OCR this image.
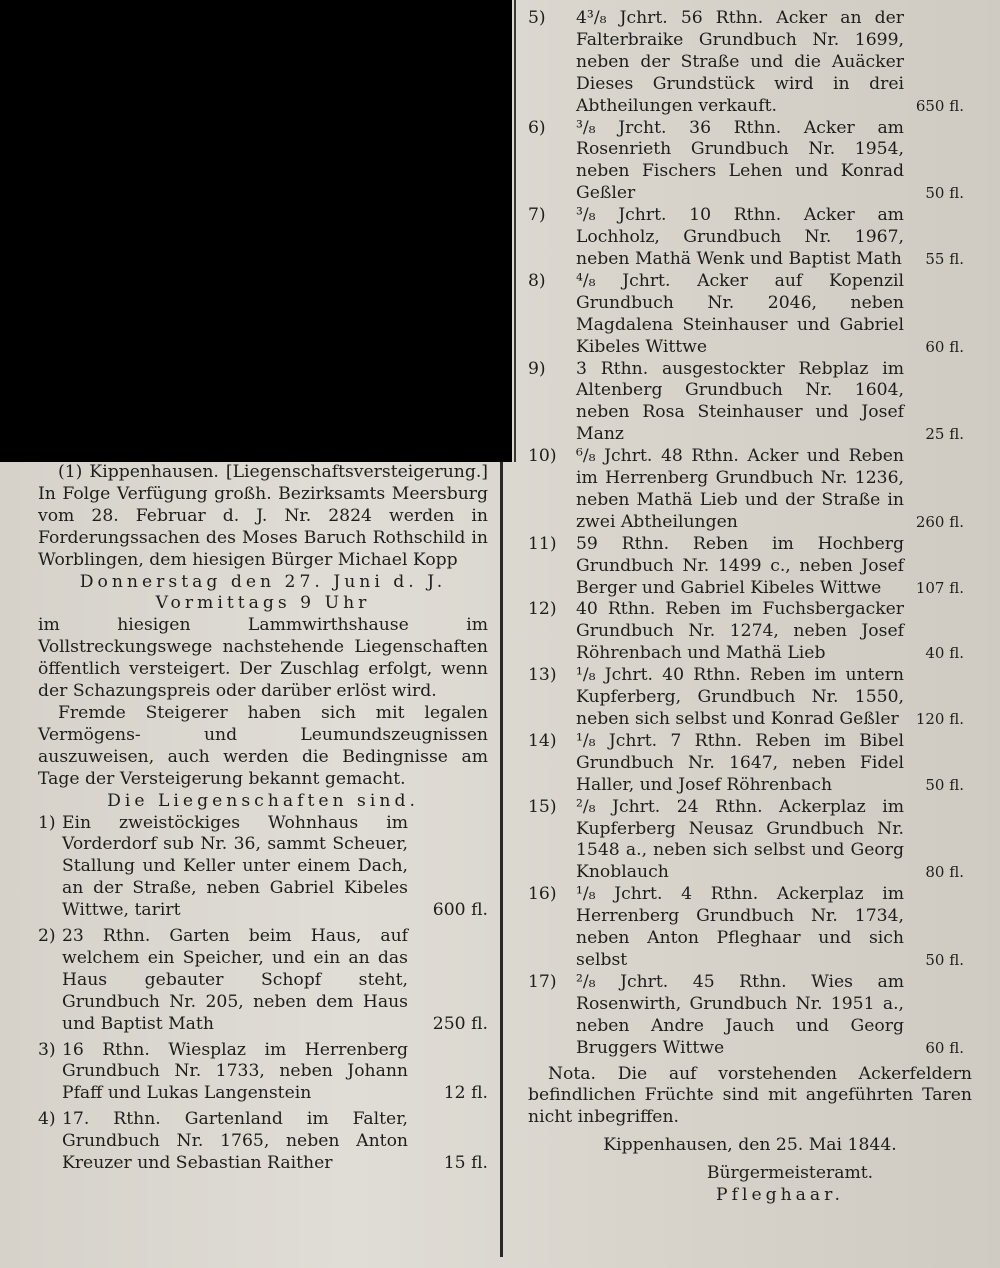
(1) Kippenhausen. [Liegenschaftsversteigerung.] In Folge Verfügung großh. Bezirksamts Meersburg vom 28. Februar d. J. Nr. 2824 werden in Forderungssachen des Moses Baruch Rothschild in Worblingen, dem hiesigen Bürger Michael Kopp

Donnerstag den 27. Juni d. J.

Vormittags 9 Uhr

im hiesigen Lammwirthshause im Vollstreckungswege nachstehende Liegenschaften öffentlich versteigert. Der Zuschlag erfolgt, wenn der Schazungspreis oder darüber erlöst wird.

Fremde Steigerer haben sich mit legalen Vermögens- und Leumundszeugnissen auszuweisen, auch werden die Bedingnisse am Tage der Versteigerung bekannt gemacht.

Die Liegenschaften sind.

1) Ein zweistöckiges Wohnhaus im Vorderdorf sub Nr. 36, sammt Scheuer, Stallung und Keller unter einem Dach, an der Straße, neben Gabriel Kibeles Wittwe, tarirt	600 fl.
2) 23 Rthn. Garten beim Haus, auf welchem ein Speicher, und ein an das Haus gebauter Schopf steht, Grundbuch Nr. 205, neben dem Haus und Baptist Math	250 fl.
3) 16 Rthn. Wiesplaz im Herrenberg Grundbuch Nr. 1733, neben Johann Pfaff und Lukas Langenstein	12 fl.
4) 17. Rthn. Gartenland im Falter, Grundbuch Nr. 1765, neben Anton Kreuzer und Sebastian Raither	15 fl.
5) 4³/₈ Jchrt. 56 Rthn. Acker an der Falterbraike Grundbuch Nr. 1699, neben der Straße und die Auäcker Dieses Grundstück wird in drei Abtheilungen verkauft.	650 fl.
6) ³/₈ Jrcht. 36 Rthn. Acker am Rosenrieth Grundbuch Nr. 1954, neben Fischers Lehen und Konrad Geßler	50 fl.
7) ³/₈ Jchrt. 10 Rthn. Acker am Lochholz, Grundbuch Nr. 1967, neben Mathä Wenk und Baptist Math	55 fl.
8) ⁴/₈ Jchrt. Acker auf Kopenzil Grundbuch Nr. 2046, neben Magdalena Steinhauser und Gabriel Kibeles Wittwe	60 fl.
9) 3 Rthn. ausgestockter Rebplaz im Altenberg Grundbuch Nr. 1604, neben Rosa Steinhauser und Josef Manz	25 fl.
10) ⁶/₈ Jchrt. 48 Rthn. Acker und Reben im Herrenberg Grundbuch Nr. 1236, neben Mathä Lieb und der Straße in zwei Abtheilungen	260 fl.
11) 59 Rthn. Reben im Hochberg Grundbuch Nr. 1499 c., neben Josef Berger und Gabriel Kibeles Wittwe	107 fl.
12) 40 Rthn. Reben im Fuchsbergacker Grundbuch Nr. 1274, neben Josef Röhrenbach und Mathä Lieb	40 fl.
13) ¹/₈ Jchrt. 40 Rthn. Reben im untern Kupferberg, Grundbuch Nr. 1550, neben sich selbst und Konrad Geßler	120 fl.
14) ¹/₈ Jchrt. 7 Rthn. Reben im Bibel Grundbuch Nr. 1647, neben Fidel Haller, und Josef Röhrenbach	50 fl.
15) ²/₈ Jchrt. 24 Rthn. Ackerplaz im Kupferberg Neusaz Grundbuch Nr. 1548 a., neben sich selbst und Georg Knoblauch	80 fl.
16) ¹/₈ Jchrt. 4 Rthn. Ackerplaz im Herrenberg Grundbuch Nr. 1734, neben Anton Pfleghaar und sich selbst	50 fl.
17) ²/₈ Jchrt. 45 Rthn. Wies am Rosenwirth, Grundbuch Nr. 1951 a., neben Andre Jauch und Georg Bruggers Wittwe	60 fl.

Nota. Die auf vorstehenden Ackerfeldern befindlichen Früchte sind mit angeführten Taren nicht inbegriffen.

Kippenhausen, den 25. Mai 1844.

Bürgermeisteramt.

Pfleghaar.
